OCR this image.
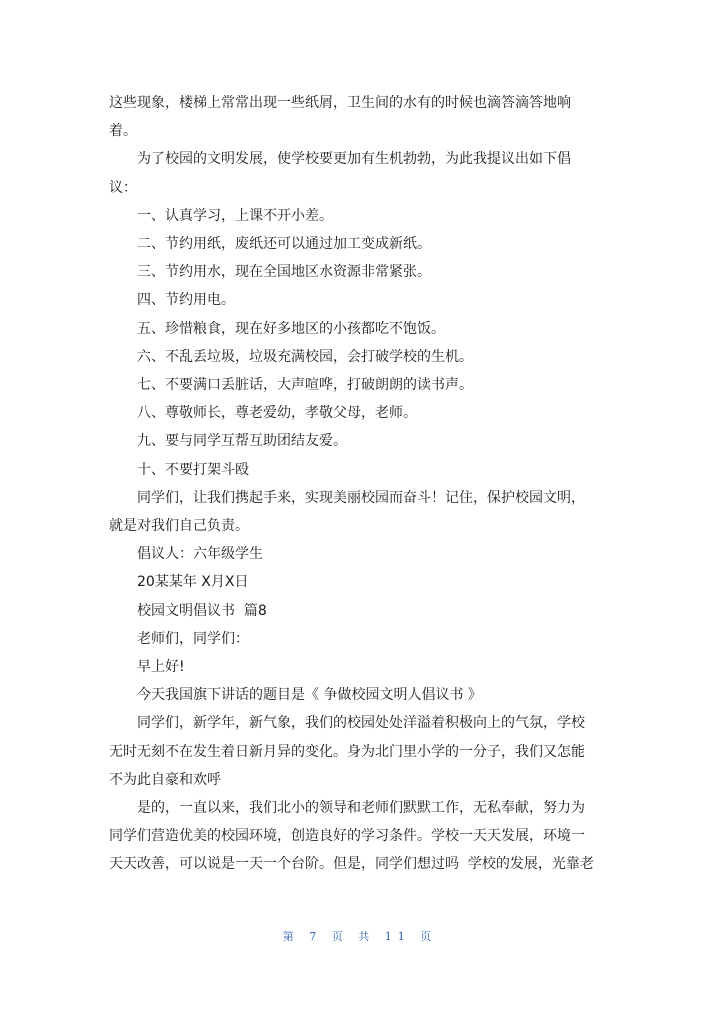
这些现象，楼梯上常常出现一些纸屑，卫生间的水有的时候也滴答滴答地响
着。
为了校园的文明发展，使学校要更加有生机勃勃，为此我提议出如下倡
议：
一、认真学习，上课不开小差。
二、节约用纸，废纸还可以通过加工变成新纸。
三、节约用水，现在全国地区水资源非常紧张。
四、节约用电。
五、珍惜粮食，现在好多地区的小孩都吃不饱饭。
六、不乱丢垃圾，垃圾充满校园，会打破学校的生机。
七、不要满口丢脏话，大声喧哗，打破朗朗的读书声。
八、尊敬师长，尊老爱幼，孝敬父母，老师。
九、要与同学互帮互助团结友爱。
十、不要打架斗殴
同学们，让我们携起手来，实现美丽校园而奋斗！记住，保护校园文明，
就是对我们自己负责。
倡议人：六年级学生
20某某年 X月X日
校园文明倡议书  篇8
老师们，同学们：
早上好!
今天我国旗下讲话的题目是《 争做校园文明人倡议书 》
同学们，新学年，新气象，我们的校园处处洋溢着积极向上的气氛，学校
无时无刻不在发生着日新月异的变化。身为北门里小学的一分子，我们又怎能
不为此自豪和欢呼
是的，一直以来，我们北小的领导和老师们默默工作，无私奉献，努力为
同学们营造优美的校园环境，创造良好的学习条件。学校一天天发展，环境一
天天改善，可以说是一天一个台阶。但是，同学们想过吗  学校的发展，光靠老
第 7 页 共 11 页
